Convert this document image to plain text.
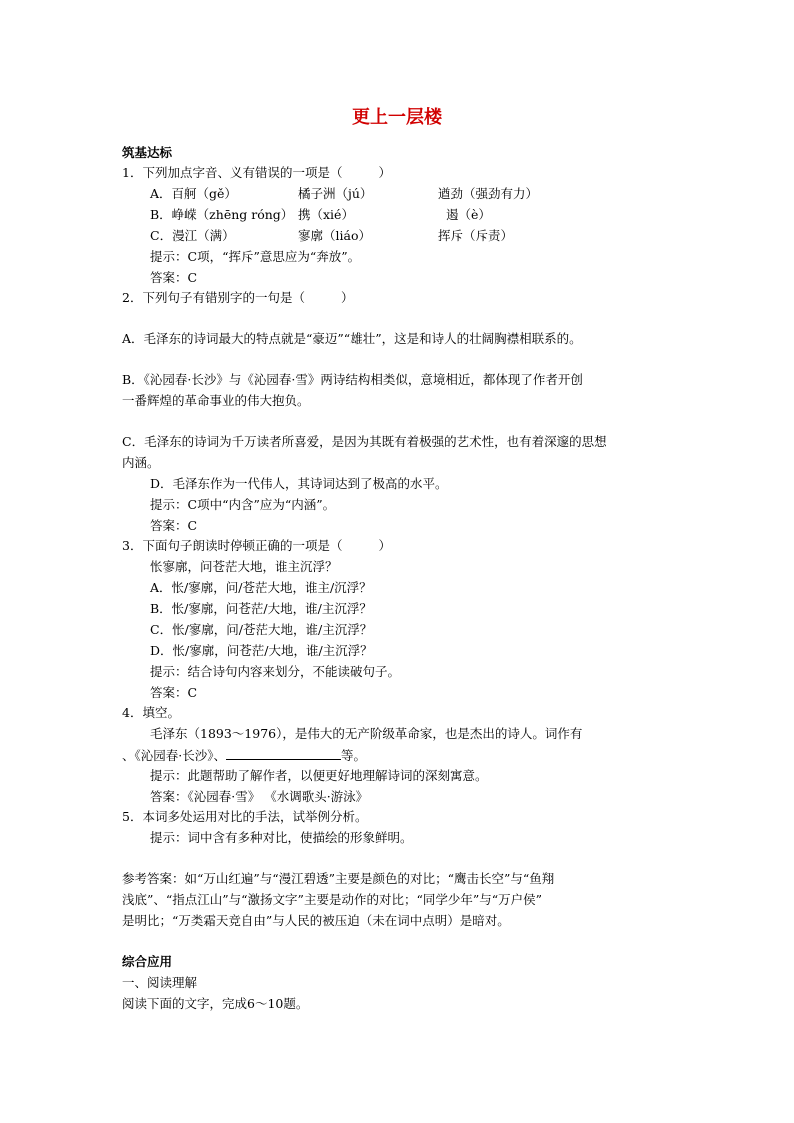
更上一层楼
筑基达标
1．下列加点字音、义有错误的一项是（	）
A．百舸（gě）	橘子洲（jú）	遒劲（强劲有力）
B．峥嵘（zhēng róng） 携（xié）	遏（è）
C．漫江（满）	寥廓（liáo）	挥斥（斥责）
提示：C项，“挥斥”意思应为“奔放”。
答案：C
2．下列句子有错别字的一句是（	）
A．毛泽东的诗词最大的特点就是“豪迈”“雄壮”，这是和诗人的壮阔胸襟相联系的。
B．《沁园春·长沙》与《沁园春·雪》两诗结构相类似，意境相近，都体现了作者开创
一番辉煌的革命事业的伟大抱负。
C．毛泽东的诗词为千万读者所喜爱，是因为其既有着极强的艺术性，也有着深邃的思想
内涵。
D．毛泽东作为一代伟人，其诗词达到了极高的水平。
提示：C项中“内含”应为“内涵”。
答案：C
3．下面句子朗读时停顿正确的一项是（	）
怅寥廓，问苍茫大地，谁主沉浮？
A．怅/寥廓，问/苍茫大地，谁主/沉浮？
B．怅/寥廓，问苍茫/大地，谁/主沉浮？
C．怅/寥廓，问/苍茫大地，谁/主沉浮？
D．怅/寥廓，问苍茫/大地，谁/主沉浮？
提示：结合诗句内容来划分，不能读破句子。
答案：C
4．填空。
毛泽东（1893～1976），是伟大的无产阶级革命家，也是杰出的诗人。词作有
、《沁园春·长沙》、	等。
提示：此题帮助了解作者，以便更好地理解诗词的深刻寓意。
答案：《沁园春·雪》 《水调歌头·游泳》
5．本词多处运用对比的手法，试举例分析。
提示：词中含有多种对比，使描绘的形象鲜明。
参考答案：如“万山红遍”与“漫江碧透”主要是颜色的对比；“鹰击长空”与“鱼翔
浅底”、“指点江山”与“激扬文字”主要是动作的对比；“同学少年”与“万户侯”
是明比；“万类霜天竞自由”与人民的被压迫（未在词中点明）是暗对。
综合应用
一、阅读理解
阅读下面的文字，完成6～10题。
